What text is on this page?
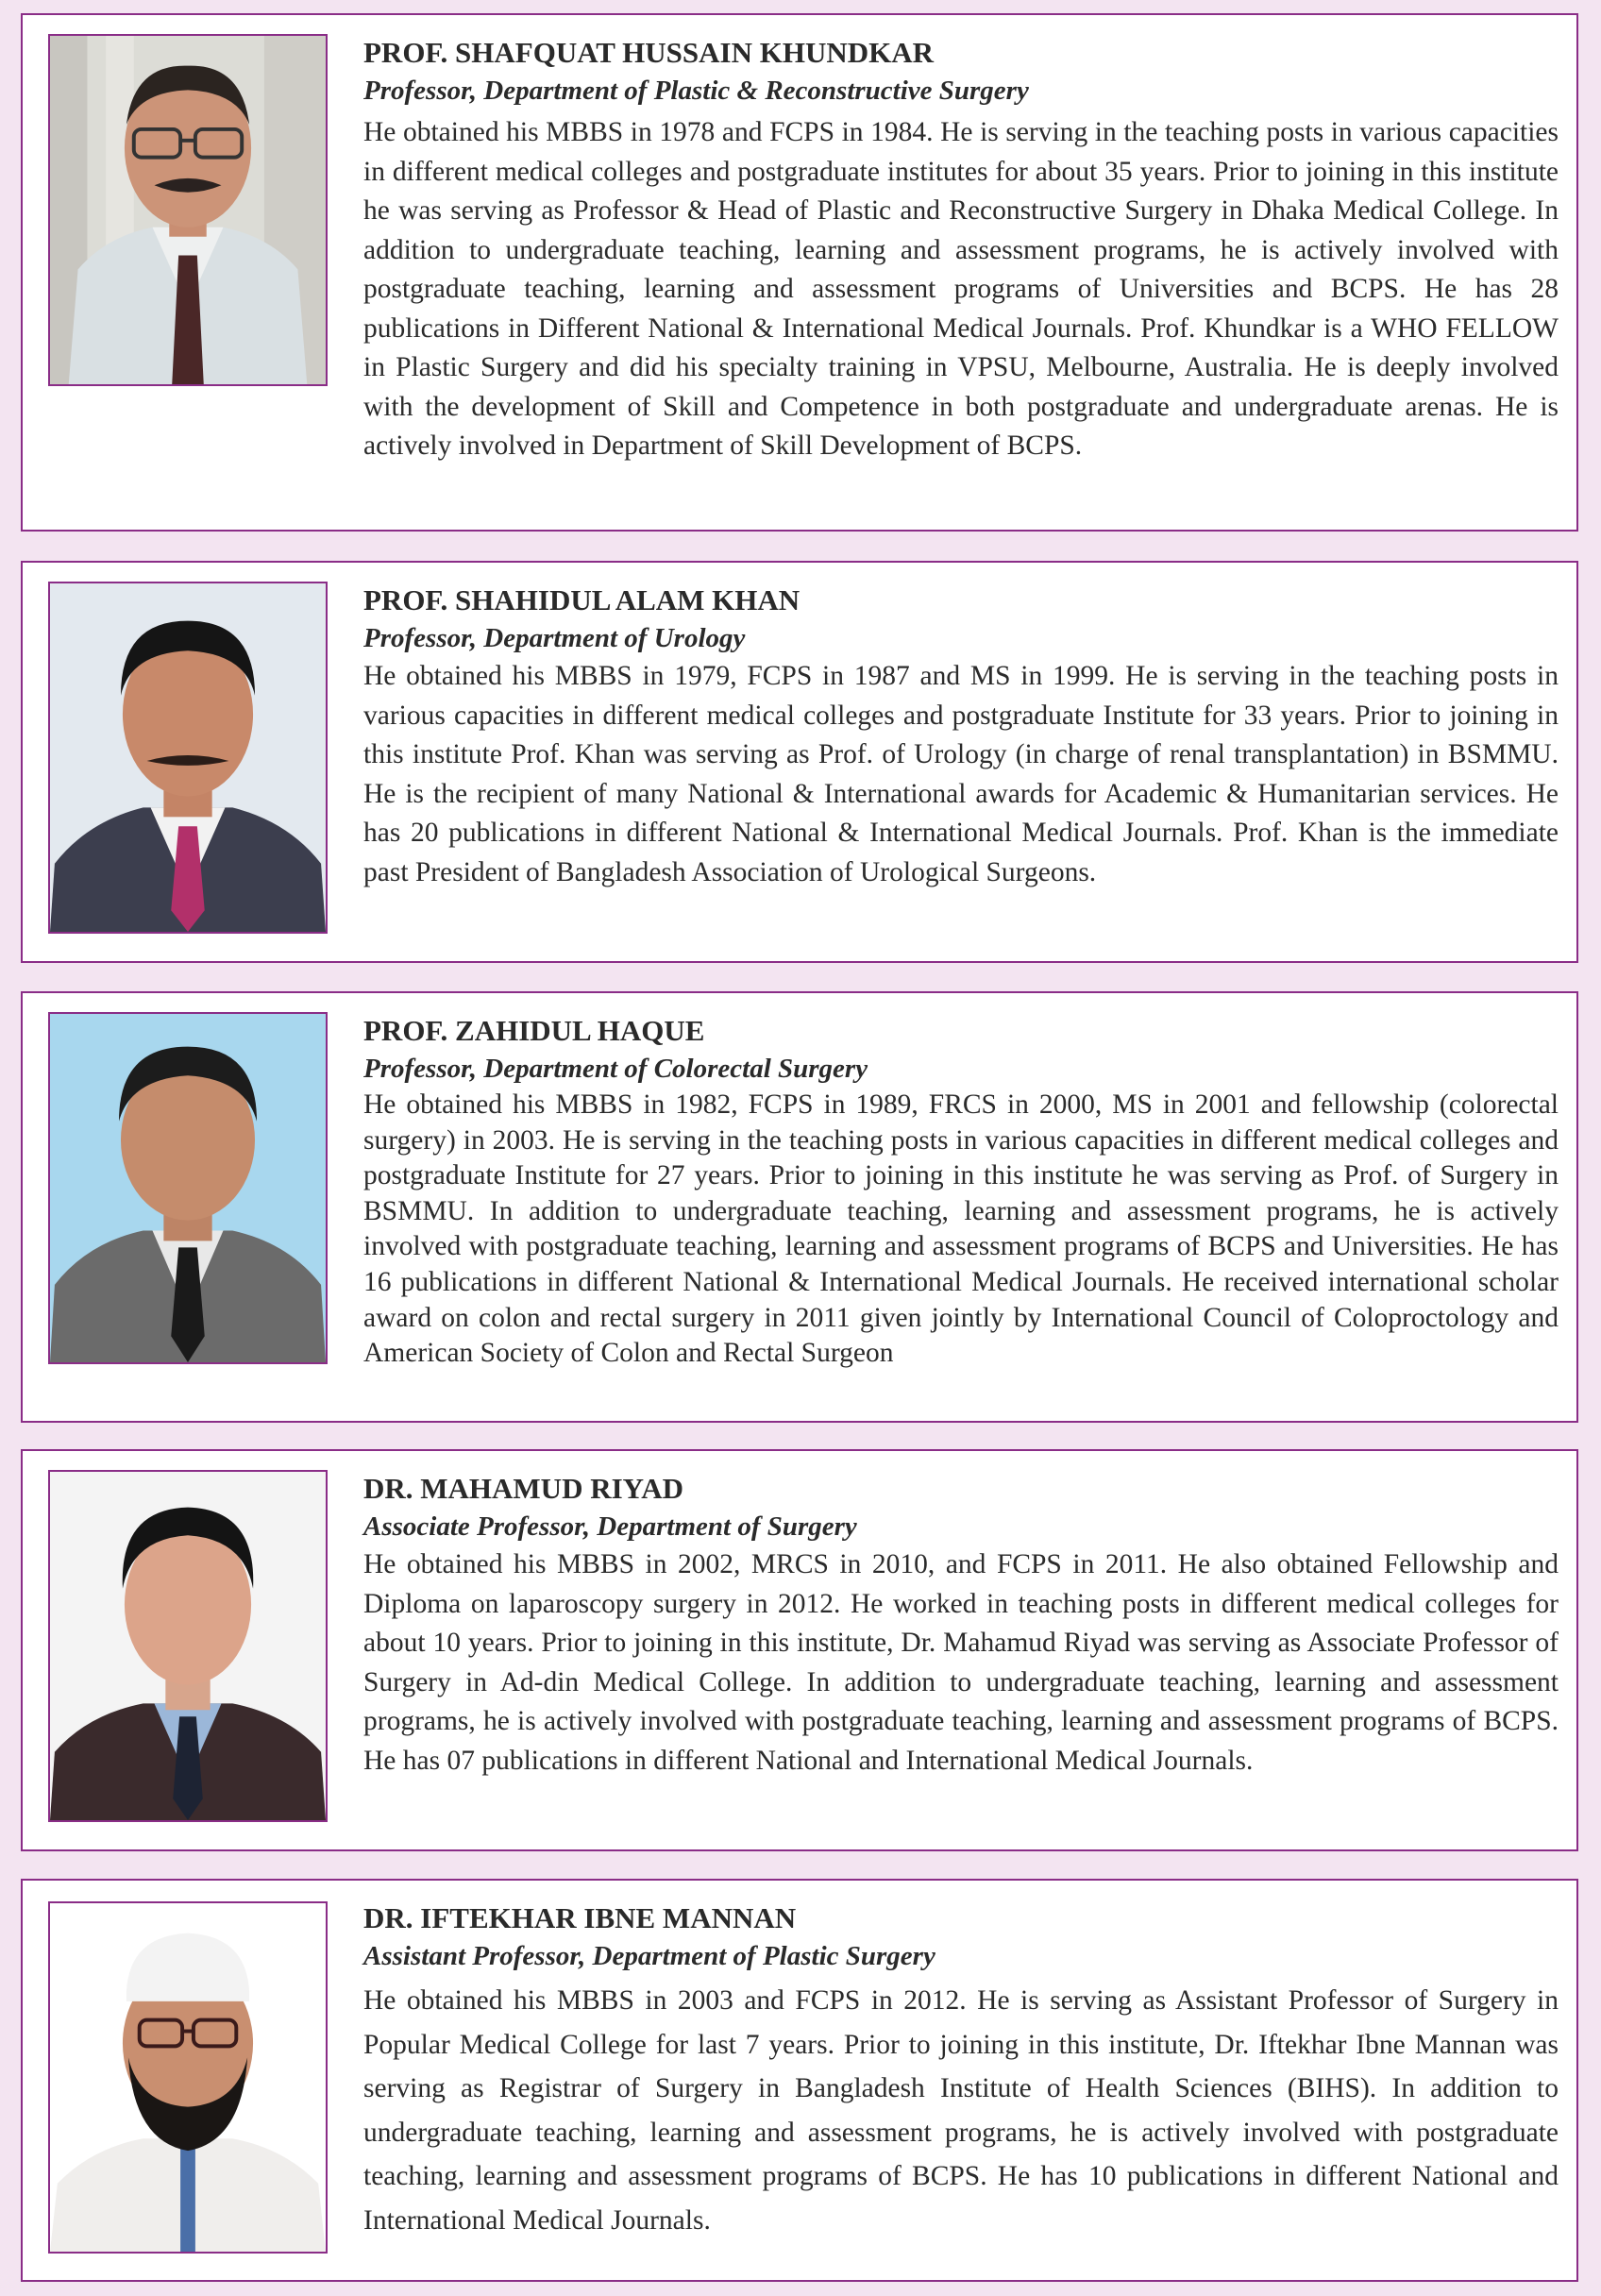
PROF. SHAFQUAT HUSSAIN KHUNDKAR
Professor, Department of Plastic & Reconstructive Surgery

He obtained his MBBS in 1978 and FCPS in 1984. He is serving in the teaching posts in various capacities in different medical colleges and postgraduate institutes for about 35 years. Prior to joining in this institute he was serving as Professor & Head of Plastic and Reconstructive Surgery in Dhaka Medical College. In addition to undergraduate teaching, learning and assessment programs, he is actively involved with postgraduate teaching, learning and assessment programs of Universities and BCPS. He has 28 publications in Different National & International Medical Journals. Prof. Khundkar is a WHO FELLOW in Plastic Surgery and did his specialty training in VPSU, Melbourne, Australia. He is deeply involved with the development of Skill and Competence in both postgraduate and undergraduate arenas. He is actively involved in Department of Skill Development of BCPS.

PROF. SHAHIDUL ALAM KHAN
Professor, Department of Urology

He obtained his MBBS in 1979, FCPS in 1987 and MS in 1999. He is serving in the teaching posts in various capacities in different medical colleges and postgraduate Institute for 33 years. Prior to joining in this institute Prof. Khan was serving as Prof. of Urology (in charge of renal transplantation) in BSMMU. He is the recipient of many National & International awards for Academic & Humanitarian services. He has 20 publications in different National & International Medical Journals. Prof. Khan is the immediate past President of Bangladesh Association of Urological Surgeons.

PROF. ZAHIDUL HAQUE
Professor, Department of Colorectal Surgery

He obtained his MBBS in 1982, FCPS in 1989, FRCS in 2000, MS in 2001 and fellowship (colorectal surgery) in 2003. He is serving in the teaching posts in various capacities in different medical colleges and postgraduate Institute for 27 years. Prior to joining in this institute he was serving as Prof. of Surgery in BSMMU. In addition to undergraduate teaching, learning and assessment programs, he is actively involved with postgraduate teaching, learning and assessment programs of BCPS and Universities. He has 16 publications in different National & International Medical Journals. He received international scholar award on colon and rectal surgery in 2011 given jointly by International Council of Coloproctology and American Society of Colon and Rectal Surgeon

DR. MAHAMUD RIYAD
Associate Professor, Department of Surgery

He obtained his MBBS in 2002, MRCS in 2010, and FCPS in 2011. He also obtained Fellowship and Diploma on laparoscopy surgery in 2012. He worked in teaching posts in different medical colleges for about 10 years. Prior to joining in this institute, Dr. Mahamud Riyad was serving as Associate Professor of Surgery in Ad-din Medical College. In addition to undergraduate teaching, learning and assessment programs, he is actively involved with postgraduate teaching, learning and assessment programs of BCPS. He has 07 publications in different National and International Medical Journals.

DR. IFTEKHAR IBNE MANNAN
Assistant Professor, Department of Plastic Surgery

He obtained his MBBS in 2003 and FCPS in 2012. He is serving as Assistant Professor of Surgery in Popular Medical College for last 7 years. Prior to joining in this institute, Dr. Iftekhar Ibne Mannan was serving as Registrar of Surgery in Bangladesh Institute of Health Sciences (BIHS). In addition to undergraduate teaching, learning and assessment programs, he is actively involved with postgraduate teaching, learning and assessment programs of BCPS. He has 10 publications in different National and International Medical Journals.
